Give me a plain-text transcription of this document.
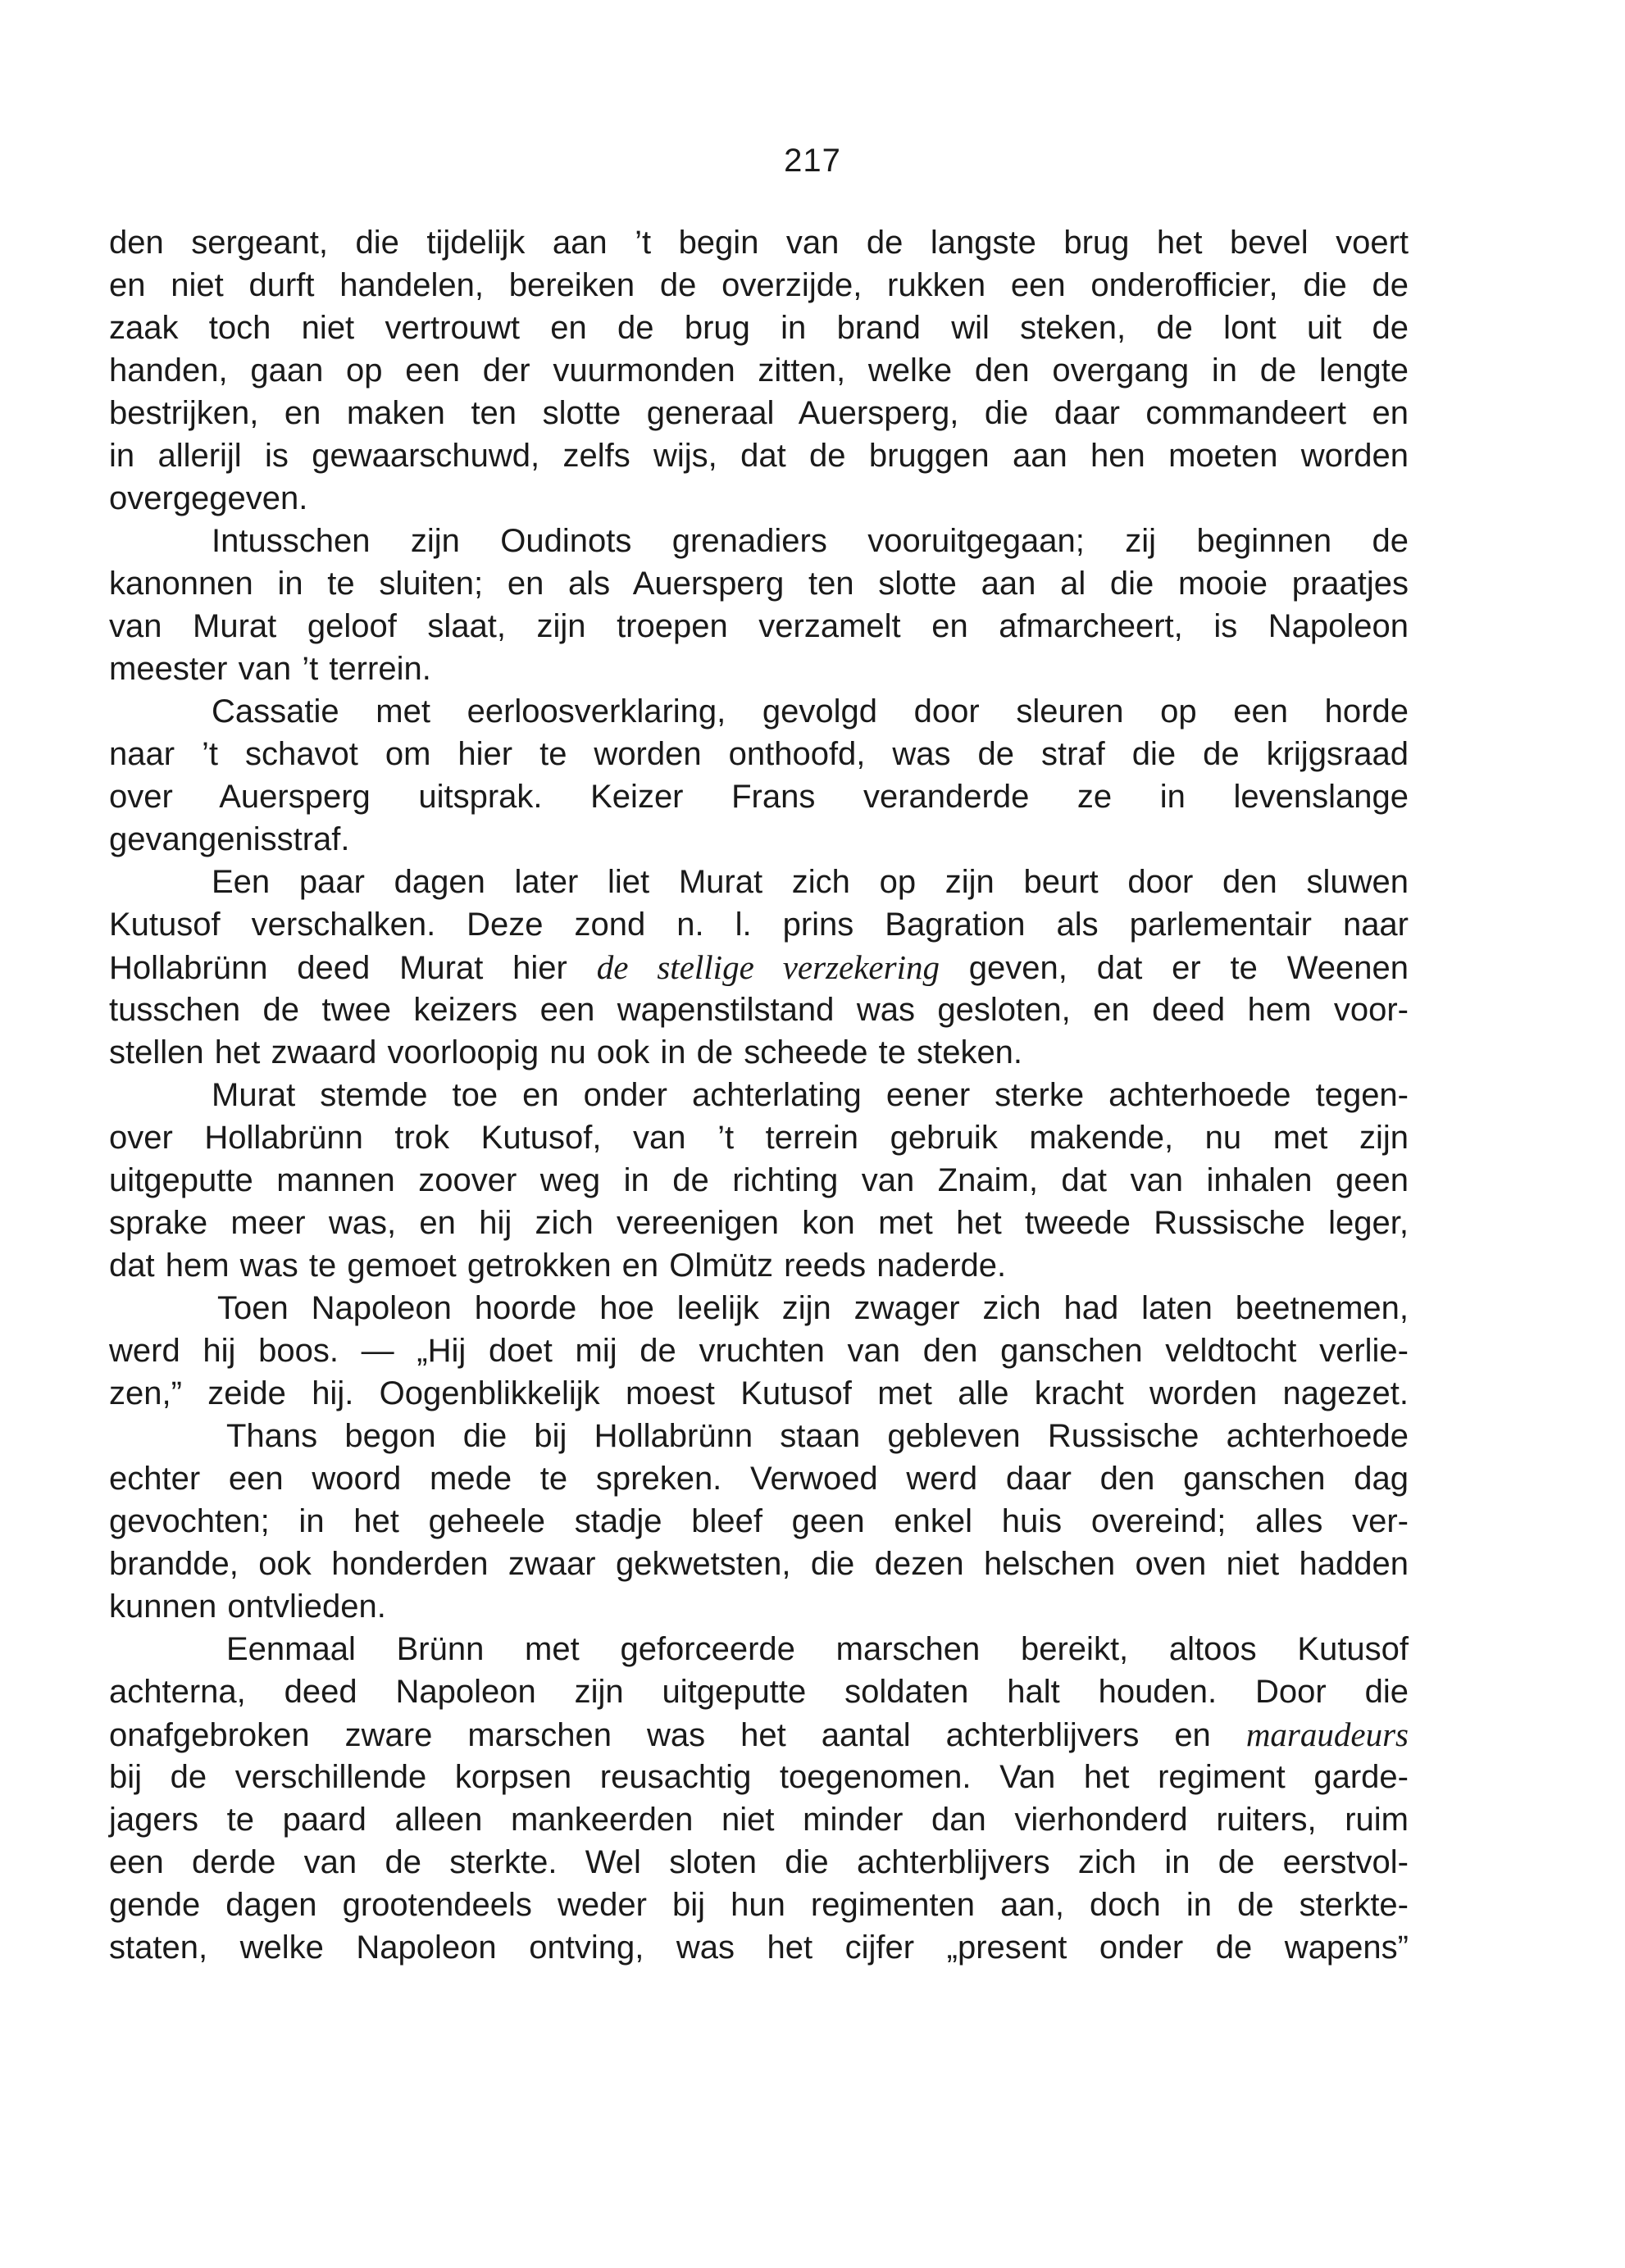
217
den sergeant, die tijdelijk aan ’t begin van de langste brug het bevel voert
en niet durft handelen, bereiken de overzijde, rukken een onderofficier, die de
zaak toch niet vertrouwt en de brug in brand wil steken, de lont uit de
handen, gaan op een der vuurmonden zitten, welke den overgang in de lengte
bestrijken, en maken ten slotte generaal Auersperg, die daar commandeert en
in allerijl is gewaarschuwd, zelfs wijs, dat de bruggen aan hen moeten worden
overgegeven.
Intusschen zijn Oudinots grenadiers vooruitgegaan; zij beginnen de
kanonnen in te sluiten; en als Auersperg ten slotte aan al die mooie praatjes
van Murat geloof slaat, zijn troepen verzamelt en afmarcheert, is Napoleon
meester van ’t terrein.
Cassatie met eerloosverklaring, gevolgd door sleuren op een horde
naar ’t schavot om hier te worden onthoofd, was de straf die de krijgsraad
over Auersperg uitsprak. Keizer Frans veranderde ze in levenslange
gevangenisstraf.
Een paar dagen later liet Murat zich op zijn beurt door den sluwen
Kutusof verschalken. Deze zond n. l. prins Bagration als parlementair naar
Hollabrünn deed Murat hier de stellige verzekering geven, dat er te Weenen
tusschen de twee keizers een wapenstilstand was gesloten, en deed hem voor-
stellen het zwaard voorloopig nu ook in de scheede te steken.
Murat stemde toe en onder achterlating eener sterke achterhoede tegen-
over Hollabrünn trok Kutusof, van ’t terrein gebruik makende, nu met zijn
uitgeputte mannen zoover weg in de richting van Znaim, dat van inhalen geen
sprake meer was, en hij zich vereenigen kon met het tweede Russische leger,
dat hem was te gemoet getrokken en Olmütz reeds naderde.
Toen Napoleon hoorde hoe leelijk zijn zwager zich had laten beetnemen,
werd hij boos. — „Hij doet mij de vruchten van den ganschen veldtocht verlie-
zen,” zeide hij. Oogenblikkelijk moest Kutusof met alle kracht worden nagezet.
Thans begon die bij Hollabrünn staan gebleven Russische achterhoede
echter een woord mede te spreken. Verwoed werd daar den ganschen dag
gevochten; in het geheele stadje bleef geen enkel huis overeind; alles ver-
brandde, ook honderden zwaar gekwetsten, die dezen helschen oven niet hadden
kunnen ontvlieden.
Eenmaal Brünn met geforceerde marschen bereikt, altoos Kutusof
achterna, deed Napoleon zijn uitgeputte soldaten halt houden. Door die
onafgebroken zware marschen was het aantal achterblijvers en maraudeurs
bij de verschillende korpsen reusachtig toegenomen. Van het regiment garde-
jagers te paard alleen mankeerden niet minder dan vierhonderd ruiters, ruim
een derde van de sterkte. Wel sloten die achterblijvers zich in de eerstvol-
gende dagen grootendeels weder bij hun regimenten aan, doch in de sterkte-
staten, welke Napoleon ontving, was het cijfer „present onder de wapens”
